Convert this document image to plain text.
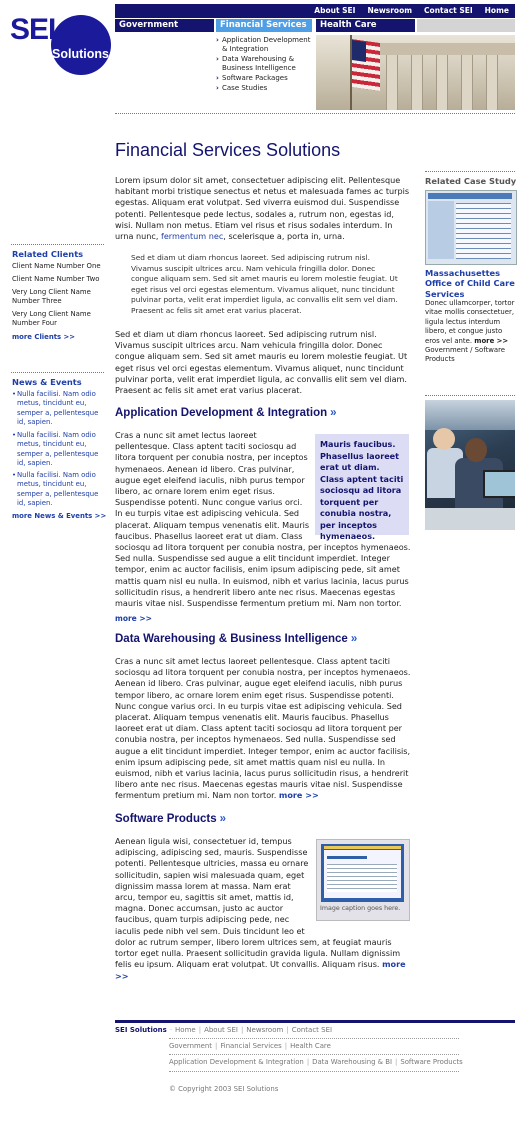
SEI
Solutions
About SEI Newsroom Contact SEI Home
Government	Financial Services	Health Care
› Application Development & Integration
› Data Warehousing & Business Intelligence
› Software Packages
› Case Studies
Financial Services Solutions
Lorem ipsum dolor sit amet, consectetuer adipiscing elit. Pellentesque habitant morbi tristique senectus et netus et malesuada fames ac turpis egestas. Aliquam erat volutpat. Sed viverra euismod dui. Suspendisse potenti. Pellentesque pede lectus, sodales a, rutrum non, egestas id, wisi. Nullam non metus. Etiam vel risus et risus sodales interdum. In urna nunc, fermentum nec, scelerisque a, porta in, urna.
Sed et diam ut diam rhoncus laoreet. Sed adipiscing rutrum nisl. Vivamus suscipit ultrices arcu. Nam vehicula fringilla dolor. Donec congue aliquam sem. Sed sit amet mauris eu lorem molestie feugiat. Ut eget risus vel orci egestas elementum. Vivamus aliquet, nunc tincidunt pulvinar porta, velit erat imperdiet ligula, ac convallis elit sem vel diam. Praesent ac felis sit amet erat varius placerat.
Sed et diam ut diam rhoncus laoreet. Sed adipiscing rutrum nisl. Vivamus suscipit ultrices arcu. Nam vehicula fringilla dolor. Donec congue aliquam sem. Sed sit amet mauris eu lorem molestie feugiat. Ut eget risus vel orci egestas elementum. Vivamus aliquet, nunc tincidunt pulvinar porta, velit erat imperdiet ligula, ac convallis elit sem vel diam. Praesent ac felis sit amet erat varius placerat.
Application Development & Integration »
Cras a nunc sit amet lectus laoreet pellentesque. Class aptent taciti sociosqu ad litora torquent per conubia nostra, per inceptos hymenaeos. Aenean id libero. Cras pulvinar, augue eget eleifend iaculis, nibh purus tempor libero, ac ornare lorem enim eget risus. Suspendisse potenti. Nunc congue varius orci. In eu turpis vitae est adipiscing vehicula. Sed placerat. Aliquam tempus venenatis elit. Mauris faucibus. Phasellus laoreet erat ut diam. Class
Mauris faucibus. Phasellus laoreet erat ut diam. Class aptent taciti sociosqu ad litora torquent per conubia nostra, per inceptos hymenaeos.
sociosqu ad litora torquent per conubia nostra, per inceptos hymenaeos. Sed nulla. Suspendisse sed augue a elit tincidunt imperdiet. Integer tempor, enim ac auctor facilisis, enim ipsum adipiscing pede, sit amet mattis quam nisl eu nulla. In euismod, nibh et varius lacinia, lacus purus sollicitudin risus, a hendrerit libero ante nec risus. Maecenas egestas mauris vitae nisl. Suspendisse fermentum pretium mi. Nam non tortor.
more >>
Data Warehousing & Business Intelligence »
Cras a nunc sit amet lectus laoreet pellentesque. Class aptent taciti sociosqu ad litora torquent per conubia nostra, per inceptos hymenaeos. Aenean id libero. Cras pulvinar, augue eget eleifend iaculis, nibh purus tempor libero, ac ornare lorem enim eget risus. Suspendisse potenti. Nunc congue varius orci. In eu turpis vitae est adipiscing vehicula. Sed placerat. Aliquam tempus venenatis elit. Mauris faucibus. Phasellus laoreet erat ut diam. Class aptent taciti sociosqu ad litora torquent per conubia nostra, per inceptos hymenaeos. Sed nulla. Suspendisse sed augue a elit tincidunt imperdiet. Integer tempor, enim ac auctor facilisis, enim ipsum adipiscing pede, sit amet mattis quam nisl eu nulla. In euismod, nibh et varius lacinia, lacus purus sollicitudin risus, a hendrerit libero ante nec risus. Maecenas egestas mauris vitae nisl. Suspendisse fermentum pretium mi. Nam non tortor. more >>
Software Products »
Aenean ligula wisi, consectetuer id, tempus adipiscing, adipiscing sed, mauris. Suspendisse potenti. Pellentesque ultricies, massa eu ornare sollicitudin, sapien wisi malesuada quam, eget dignissim massa lorem at massa. Nam erat arcu, tempor eu, sagittis sit amet, mattis id, magna. Donec accumsan, justo ac auctor faucibus, quam turpis adipiscing pede, nec iaculis pede nibh vel sem. Duis tincidunt leo et
Image caption goes here.
dolor ac rutrum semper, libero lorem ultrices sem, at feugiat mauris tortor eget nulla. Praesent sollicitudin gravida ligula. Nullam dignissim felis eu ipsum. Aliquam erat volutpat. Ut convallis. Aliquam risus. more >>
Related Clients
Client Name Number One
Client Name Number Two
Very Long Client Name Number Three
Very Long Client Name Number Four
more Clients >>
News & Events
• Nulla facilisi. Nam odio metus, tincidunt eu, semper a, pellentesque id, sapien.
• Nulla facilisi. Nam odio metus, tincidunt eu, semper a, pellentesque id, sapien.
• Nulla facilisi. Nam odio metus, tincidunt eu, semper a, pellentesque id, sapien.
more News & Events >>
Related Case Study
Massachusettes Office of Child Care Services
Donec ullamcorper, tortor vitae mollis consectetuer, ligula lectus interdum libero, et congue justo eros vel ante. more >>
Government / Software Products
SEI Solutions · Home | About SEI | Newsroom | Contact SEI
Government | Financial Services | Health Care
Application Development & Integration | Data Warehousing & BI | Software Products
© Copyright 2003 SEI Solutions
